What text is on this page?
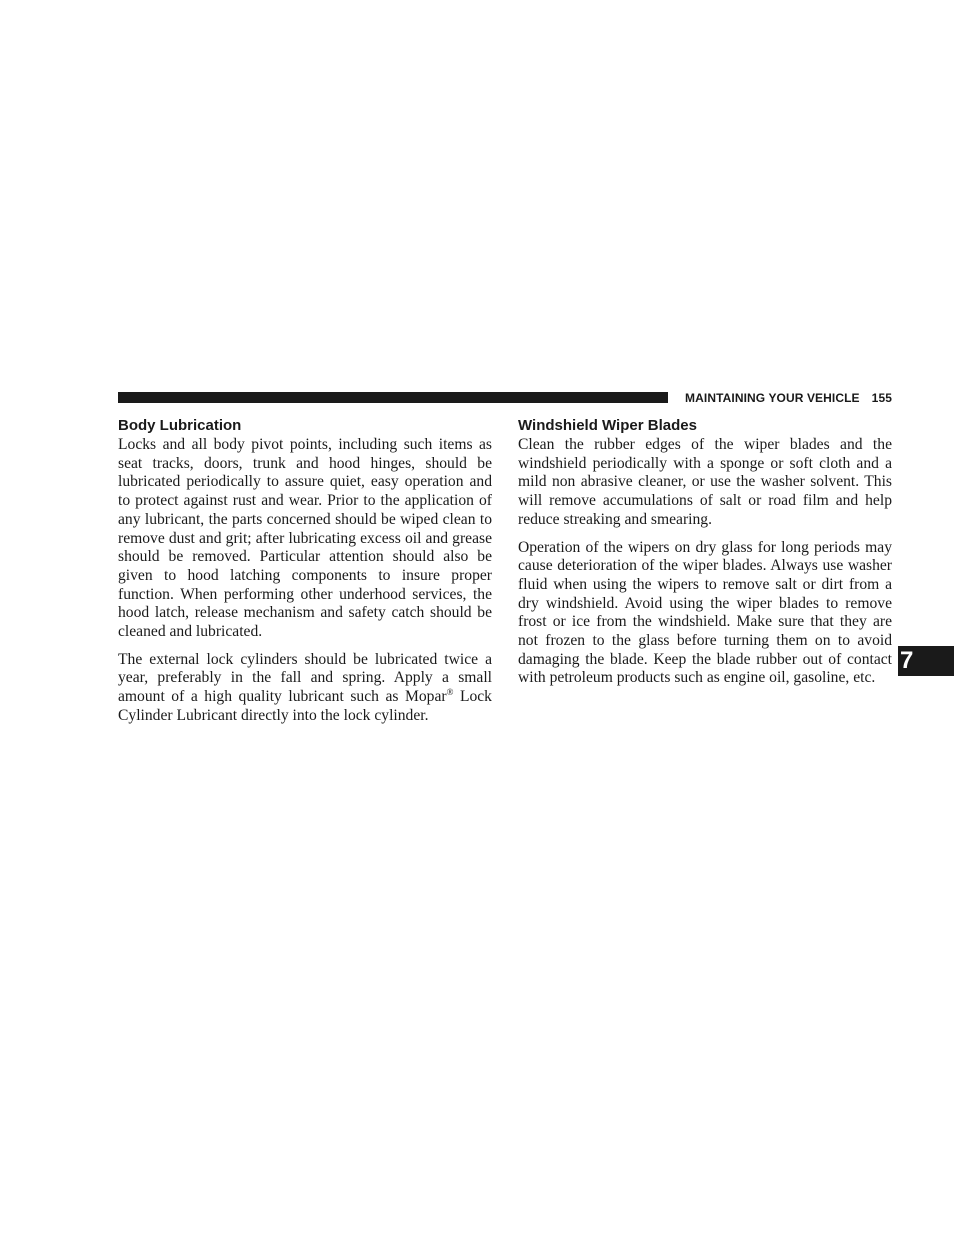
MAINTAINING YOUR VEHICLE 155
Body Lubrication

Locks and all body pivot points, including such items as seat tracks, doors, trunk and hood hinges, should be lubricated periodically to assure quiet, easy operation and to protect against rust and wear. Prior to the application of any lubricant, the parts concerned should be wiped clean to remove dust and grit; after lubricating excess oil and grease should be removed. Particular attention should also be given to hood latching components to insure proper function. When performing other underhood services, the hood latch, release mechanism and safety catch should be cleaned and lubricated.

The external lock cylinders should be lubricated twice a year, preferably in the fall and spring. Apply a small amount of a high quality lubricant such as Mopar® Lock Cylinder Lubricant directly into the lock cylinder.

Windshield Wiper Blades

Clean the rubber edges of the wiper blades and the windshield periodically with a sponge or soft cloth and a mild non abrasive cleaner, or use the washer solvent. This will remove accumulations of salt or road film and help reduce streaking and smearing.

Operation of the wipers on dry glass for long periods may cause deterioration of the wiper blades. Always use washer fluid when using the wipers to remove salt or dirt from a dry windshield. Avoid using the wiper blades to remove frost or ice from the windshield. Make sure that they are not frozen to the glass before turning them on to avoid damaging the blade. Keep the blade rubber out of contact with petroleum products such as engine oil, gasoline, etc.

7
